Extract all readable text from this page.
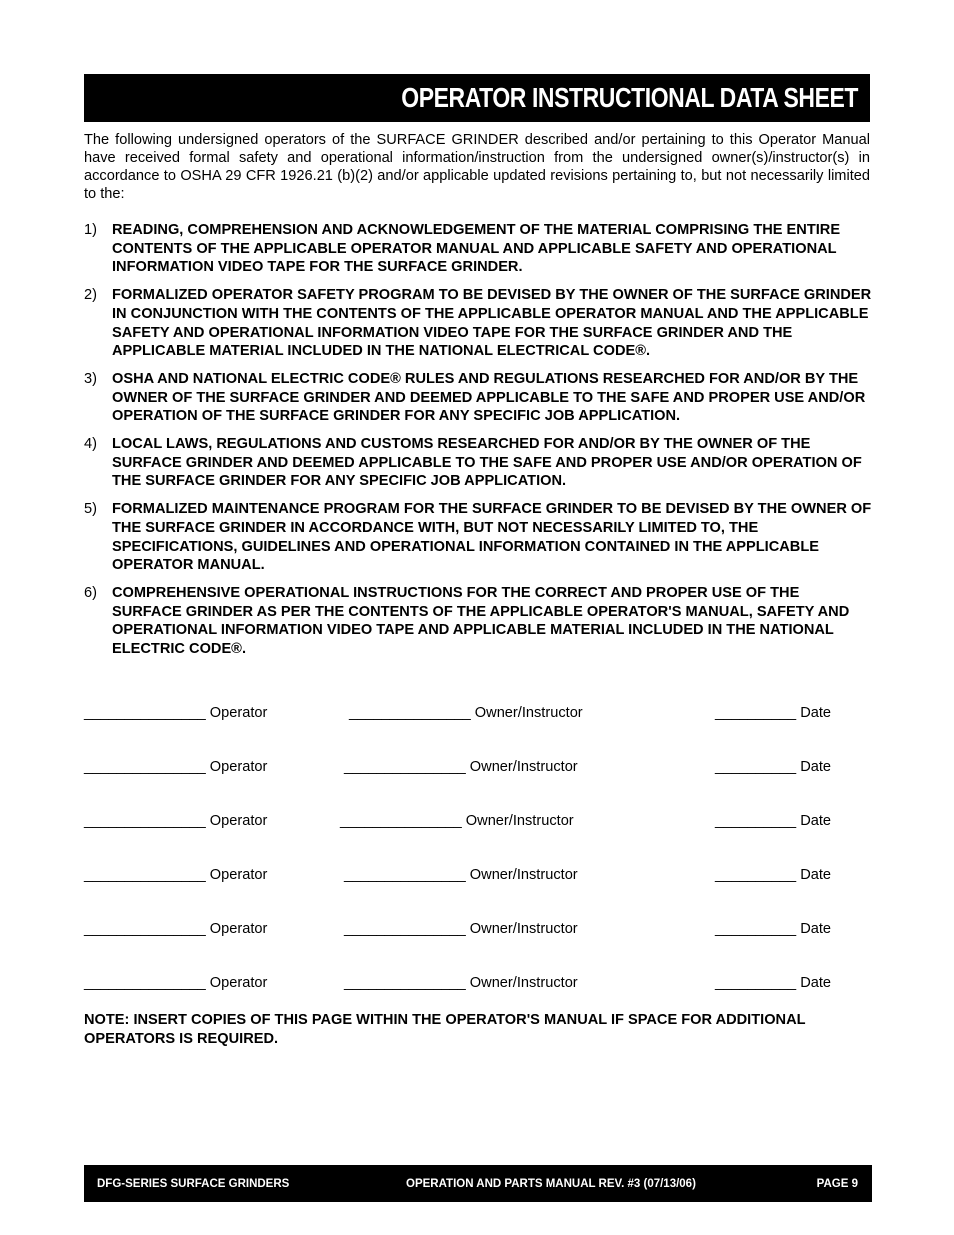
OPERATOR INSTRUCTIONAL DATA SHEET
The following undersigned operators of the SURFACE GRINDER described and/or pertaining to this Operator Manual have received formal safety and operational information/instruction from the undersigned owner(s)/instructor(s) in accordance to OSHA 29 CFR 1926.21 (b)(2) and/or applicable updated revisions pertaining to, but not necessarily limited to the:
1)	READING, COMPREHENSION AND ACKNOWLEDGEMENT OF THE MATERIAL COMPRISING THE ENTIRE CONTENTS OF THE APPLICABLE OPERATOR MANUAL AND APPLICABLE SAFETY AND OPERATIONAL INFORMATION VIDEO TAPE FOR THE SURFACE GRINDER.
2)	FORMALIZED OPERATOR SAFETY PROGRAM TO BE DEVISED BY THE OWNER OF THE SURFACE GRINDER IN CONJUNCTION WITH THE CONTENTS OF THE APPLICABLE OPERATOR MANUAL AND THE APPLICABLE SAFETY AND OPERATIONAL INFORMATION VIDEO TAPE FOR THE SURFACE GRINDER AND THE APPLICABLE MATERIAL INCLUDED IN THE NATIONAL ELECTRICAL CODE®.
3)	OSHA AND NATIONAL ELECTRIC CODE® RULES AND REGULATIONS RESEARCHED FOR AND/OR BY THE OWNER OF THE SURFACE GRINDER AND DEEMED APPLICABLE TO THE SAFE AND PROPER USE AND/OR OPERATION OF THE SURFACE GRINDER FOR ANY SPECIFIC JOB APPLICATION.
4)	LOCAL LAWS, REGULATIONS AND CUSTOMS RESEARCHED FOR AND/OR BY THE OWNER OF THE SURFACE GRINDER AND DEEMED APPLICABLE TO THE SAFE AND PROPER USE AND/OR OPERATION OF THE SURFACE GRINDER FOR ANY SPECIFIC JOB APPLICATION.
5)	FORMALIZED MAINTENANCE PROGRAM FOR THE SURFACE GRINDER TO BE DEVISED BY THE OWNER OF THE SURFACE GRINDER IN ACCORDANCE WITH, BUT NOT NECESSARILY LIMITED TO, THE SPECIFICATIONS, GUIDELINES AND OPERATIONAL INFORMATION CONTAINED IN THE APPLICABLE OPERATOR MANUAL.
6)	COMPREHENSIVE OPERATIONAL INSTRUCTIONS FOR THE CORRECT AND PROPER USE OF THE SURFACE GRINDER AS PER THE CONTENTS OF THE APPLICABLE OPERATOR'S MANUAL, SAFETY AND OPERATIONAL INFORMATION VIDEO TAPE AND APPLICABLE MATERIAL INCLUDED IN THE NATIONAL ELECTRIC CODE®.
_______________ Operator	_______________ Owner/Instructor	__________ Date
_______________ Operator	_______________ Owner/Instructor	__________ Date
_______________ Operator	_______________ Owner/Instructor	__________ Date
_______________ Operator	_______________ Owner/Instructor	__________ Date
_______________ Operator	_______________ Owner/Instructor	__________ Date
_______________ Operator	_______________ Owner/Instructor	__________ Date
NOTE: INSERT COPIES OF THIS PAGE WITHIN THE OPERATOR'S MANUAL IF SPACE FOR ADDITIONAL OPERATORS IS REQUIRED.
DFG-SERIES SURFACE GRINDERS	OPERATION AND PARTS MANUAL REV. #3 (07/13/06)	PAGE 9
